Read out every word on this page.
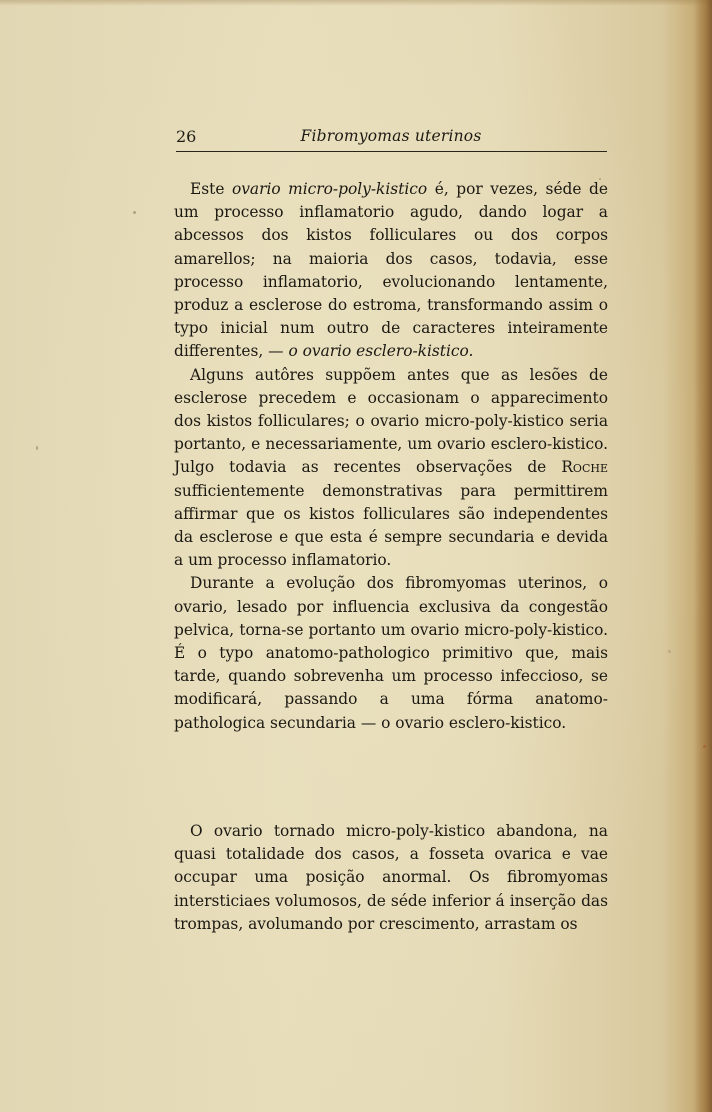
26	Fibromyomas uterinos

Este ovario micro-poly-kistico é, por vezes, séde de um processo inflamatorio agudo, dando logar a abcessos dos kistos folliculares ou dos corpos amarellos; na maioria dos casos, todavia, esse processo inflamatorio, evolucionando lentamente, produz a esclerose do estroma, transformando assim o typo inicial num outro de caracteres inteiramente differentes, — o ovario esclero-kistico.

Alguns autôres suppõem antes que as lesões de esclerose precedem e occasionam o apparecimento dos kistos folliculares; o ovario micro-poly-kistico seria portanto, e necessariamente, um ovario esclero-kistico. Julgo todavia as recentes observações de Roche sufficientemente demonstrativas para permittirem affirmar que os kistos folliculares são independentes da esclerose e que esta é sempre secundaria e devida a um processo inflamatorio.

Durante a evolução dos fibromyomas uterinos, o ovario, lesado por influencia exclusiva da congestão pelvica, torna-se portanto um ovario micro-poly-kistico. É o typo anatomo-pathologico primitivo que, mais tarde, quando sobrevenha um processo infeccioso, se modificará, passando a uma fórma anatomo-pathologica secundaria — o ovario esclero-kistico.

O ovario tornado micro-poly-kistico abandona, na quasi totalidade dos casos, a fosseta ovarica e vae occupar uma posição anormal. Os fibromyomas intersticiaes volumosos, de séde inferior á inserção das trompas, avolumando por crescimento, arrastam os
